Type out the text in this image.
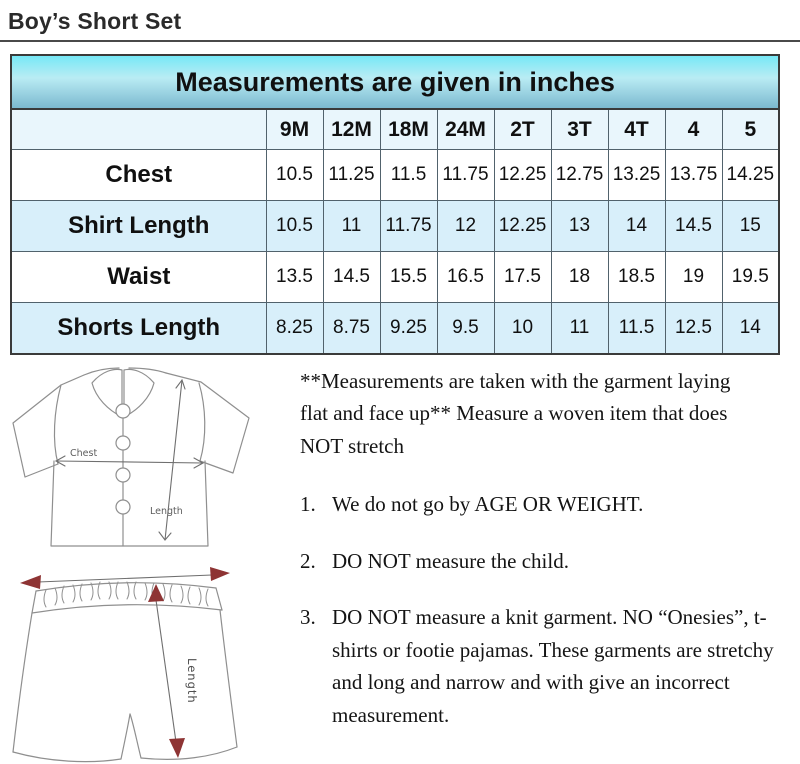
Boy’s Short Set
Measurements are given in inches									
	9M	12M	18M	24M	2T	3T	4T	4	5
Chest	10.5	11.25	11.5	11.75	12.25	12.75	13.25	13.75	14.25
Shirt Length	10.5	11	11.75	12	12.25	13	14	14.5	15
Waist	13.5	14.5	15.5	16.5	17.5	18	18.5	19	19.5
Shorts Length	8.25	8.75	9.25	9.5	10	11	11.5	12.5	14
Chest
Length
Length

**Measurements are taken with the garment laying flat and face up** Measure a woven item that does NOT stretch

1. We do not go by AGE OR WEIGHT.
2. DO NOT measure the child.
3. DO NOT measure a knit garment. NO “Onesies”, t-shirts or footie pajamas. These garments are stretchy and long and narrow and with give an incorrect measurement.
